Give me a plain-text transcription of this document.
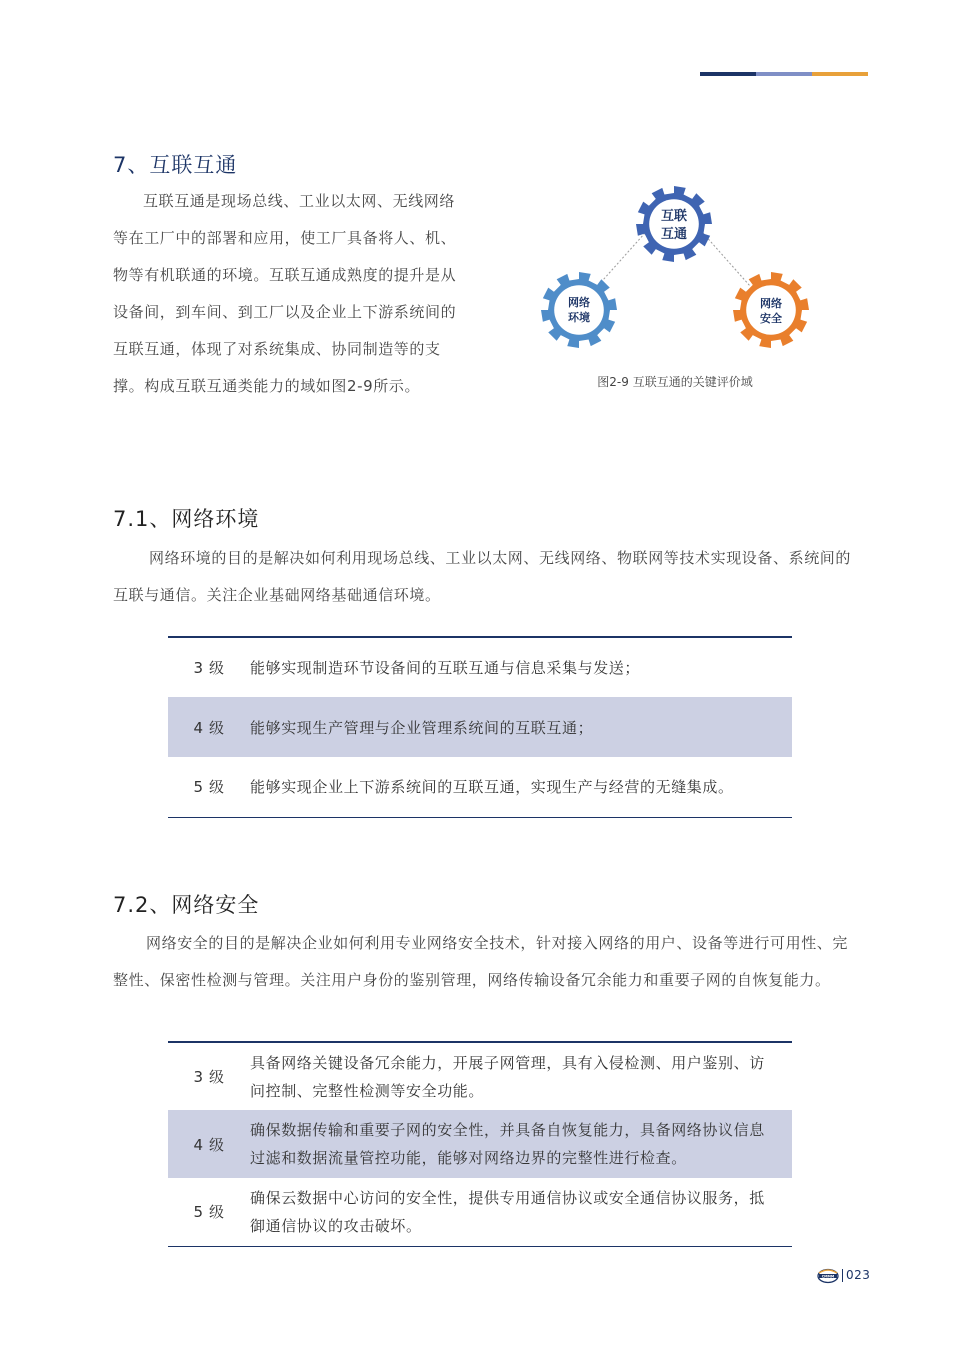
7、互联互通

互联互通是现场总线、工业以太网、无线网络等在工厂中的部署和应用，使工厂具备将人、机、物等有机联通的环境。互联互通成熟度的提升是从设备间，到车间、到工厂以及企业上下游系统间的互联互通，体现了对系统集成、协同制造等的支撑。构成互联互通类能力的域如图2-9所示。

互联
互通
网络
环境
网络
安全
图2-9 互联互通的关键评价域
7.1、网络环境

网络环境的目的是解决如何利用现场总线、工业以太网、无线网络、物联网等技术实现设备、系统间的互联与通信。关注企业基础网络基础通信环境。

3 级	能够实现制造环节设备间的互联互通与信息采集与发送；
4 级	能够实现生产管理与企业管理系统间的互联互通；
5 级	能够实现企业上下游系统间的互联互通，实现生产与经营的无缝集成。
7.2、网络安全

网络安全的目的是解决企业如何利用专业网络安全技术，针对接入网络的用户、设备等进行可用性、完整性、保密性检测与管理。关注用户身份的鉴别管理，网络传输设备冗余能力和重要子网的自恢复能力。

3 级	具备网络关键设备冗余能力，开展子网管理，具有入侵检测、用户鉴别、访问控制、完整性检测等安全功能。
4 级	确保数据传输和重要子网的安全性，并具备自恢复能力，具备网络协议信息过滤和数据流量管控功能，能够对网络边界的完整性进行检查。
5 级	确保云数据中心访问的安全性，提供专用通信协议或安全通信协议服务，抵御通信协议的攻击破坏。
CMMM 023
